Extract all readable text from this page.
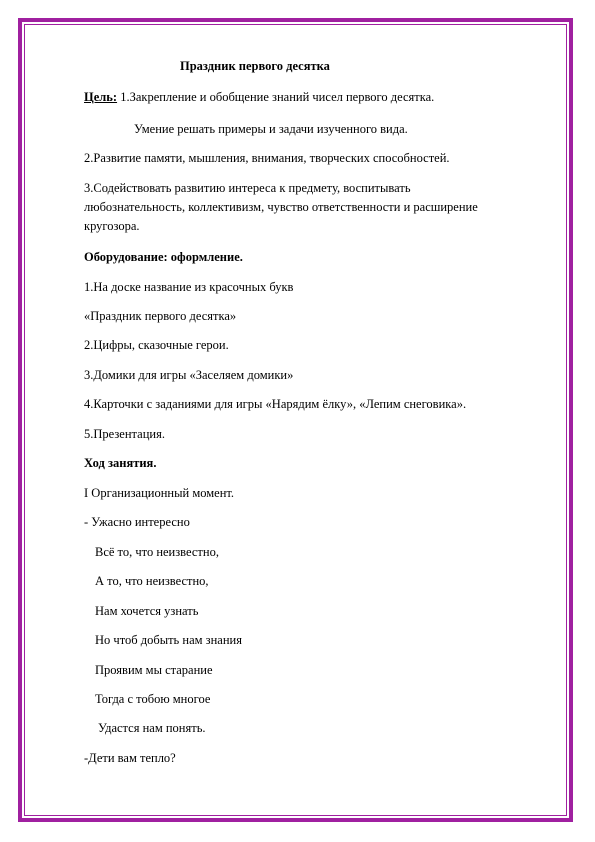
Праздник первого десятка
Цель: 1.Закрепление и обобщение знаний чисел первого десятка.
Умение решать примеры и задачи изученного вида.
2.Развитие памяти, мышления, внимания, творческих способностей.
3.Содействовать развитию интереса к предмету, воспитывать
любознательность, коллективизм, чувство ответственности и расширение
кругозора.
Оборудование: оформление.
1.На доске название из красочных букв
«Праздник первого десятка»
2.Цифры, сказочные герои.
3.Домики для игры «Заселяем домики»
4.Карточки с заданиями для игры «Нарядим ёлку», «Лепим снеговика».
5.Презентация.
Ход занятия.
I Организационный момент.
- Ужасно интересно
Всё то, что неизвестно,
А то, что неизвестно,
Нам хочется узнать
Но чтоб добыть нам знания
Проявим мы старание
Тогда с тобою многое
Удастся нам понять.
-Дети вам тепло?
